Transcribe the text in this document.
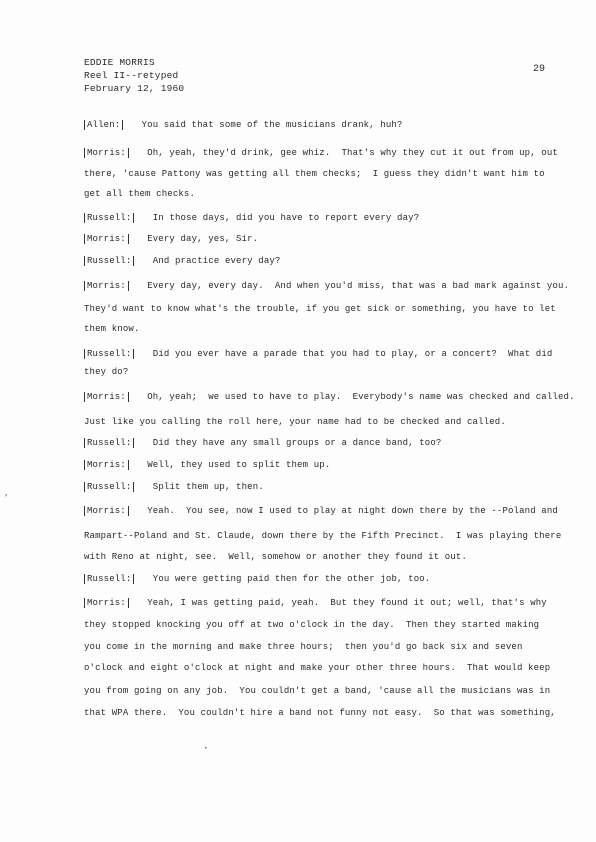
EDDIE MORRIS
Reel II--retyped
February 12, 1960
29
Allen:	You said that some of the musicians drank, huh?
Morris:	Oh, yeah, they'd drink, gee whiz.  That's why they cut it out from up, out
there, 'cause Pattony was getting all them checks;  I guess they didn't want him to
get all them checks.
Russell:	In those days, did you have to report every day?
Morris:	Every day, yes, Sir.
Russell:	And practice every day?
Morris:	Every day, every day.  And when you'd miss, that was a bad mark against you.
They'd want to know what's the trouble, if you get sick or something, you have to let
them know.
Russell:	Did you ever have a parade that you had to play, or a concert?  What did
they do?
Morris:	Oh, yeah;  we used to have to play.  Everybody's name was checked and called.
Just like you calling the roll here, your name had to be checked and called.
Russell:	Did they have any small groups or a dance band, too?
Morris:	Well, they used to split them up.
Russell:	Split them up, then.
Morris:	Yeah.  You see, now I used to play at night down there by the --Poland and
Rampart--Poland and St. Claude, down there by the Fifth Precinct.  I was playing there
with Reno at night, see.  Well, somehow or another they found it out.
Russell:	You were getting paid then for the other job, too.
Morris:	Yeah, I was getting paid, yeah.  But they found it out; well, that's why
they stopped knocking you off at two o'clock in the day.  Then they started making
you come in the morning and make three hours;  then you'd go back six and seven
o'clock and eight o'clock at night and make your other three hours.  That would keep
you from going on any job.  You couldn't get a band, 'cause all the musicians was in
that WPA there.  You couldn't hire a band not funny not easy.  So that was something,
‚
•
